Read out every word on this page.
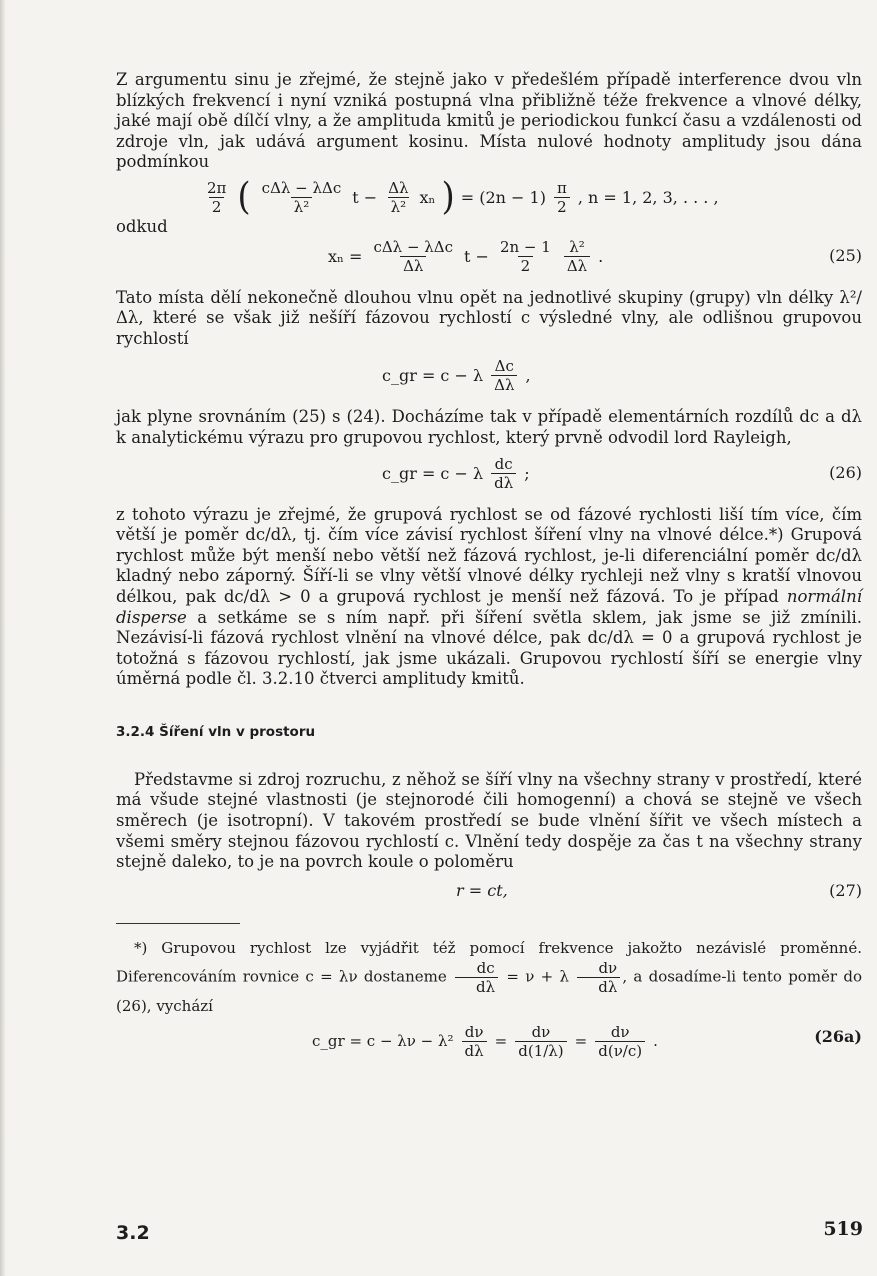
Z argumentu sinu je zřejmé, že stejně jako v předešlém případě interference dvou vln blízkých frekvencí i nyní vzniká postupná vlna přibližně téže frekvence a vlnové délky, jaké mají obě dílčí vlny, a že amplituda kmitů je periodickou funkcí času a vzdálenosti od zdroje vln, jak udává argument kosinu. Místa nulové hodnoty amplitudy jsou dána podmínkou

$\frac{2\pi}{2}$ ( $\frac{\text{cΔλ − λΔc}}{\text{λ²}}$ $t - \frac{\Delta\lambda}{\text{λ²}}$ xₙ ) = $(2n - 1) \frac{\pi}{2}$ , n = 1, 2, 3, . . . ,

odkud

$x_n = \frac{\text{cΔλ − λΔc}}{\Delta\lambda}$ $t - \frac{2n - 1}{2} \frac{\text{λ²}}{\Delta\lambda}$ .	(25)

Tato místa dělí nekonečně dlouhou vlnu opět na jednotlivé skupiny (grupy) vln délky λ²/Δλ, které se však již nešíří fázovou rychlostí c výsledné vlny, ale odlišnou grupovou rychlostí

c_gr = c − λ $\frac{\Delta c}{\Delta\lambda}$ ,

jak plyne srovnáním (25) s (24). Docházíme tak v případě elementárních rozdílů dc a dλ k analytickému výrazu pro grupovou rychlost, který prvně odvodil lord Rayleigh,

c_gr = c − λ $\frac{dc}{d\lambda}$ ;	(26)

z tohoto výrazu je zřejmé, že grupová rychlost se od fázové rychlosti liší tím více, čím větší je poměr dc/dλ, tj. čím více závisí rychlost šíření vlny na vlnové délce.*) Grupová rychlost může být menší nebo větší než fázová rychlost, je-li diferenciální poměr dc/dλ kladný nebo záporný. Šíří-li se vlny větší vlnové délky rychleji než vlny s kratší vlnovou délkou, pak dc/dλ > 0 a grupová rychlost je menší než fázová. To je případ normální disperse a setkáme se s ním např. při šíření světla sklem, jak jsme se již zmínili. Nezávisí-li fázová rychlost vlnění na vlnové délce, pak dc/dλ = 0 a grupová rychlost je totožná s fázovou rychlostí, jak jsme ukázali. Grupovou rychlostí šíří se energie vlny úměrná podle čl. 3.2.10 čtverci amplitudy kmitů.

3.2.4 Šíření vln v prostoru

Představme si zdroj rozruchu, z něhož se šíří vlny na všechny strany v prostředí, které má všude stejné vlastnosti (je stejnorodé čili homogenní) a chová se stejně ve všech směrech (je isotropní). V takovém prostředí se bude vlnění šířit ve všech místech a všemi směry stejnou fázovou rychlostí c. Vlnění tedy dospěje za čas t na všechny strany stejně daleko, to je na povrch koule o poloměru

r = ct,	(27)

*) Grupovou rychlost lze vyjádřit též pomocí frekvence jakožto nezávislé proměnné. Diferencováním rovnice c = λν dostaneme $\frac{dc}{d\lambda} = \nu + \lambda \frac{d\nu}{d\lambda}$ , a dosadíme-li tento poměr do (26), vychází

c_gr = $c - \lambda\nu - \lambda^2 \frac{d\nu}{d\lambda} = \frac{d\nu}{d(1/\lambda)} = \frac{d\nu}{d(\nu/c)}$ .	(26a)
3.2	519
